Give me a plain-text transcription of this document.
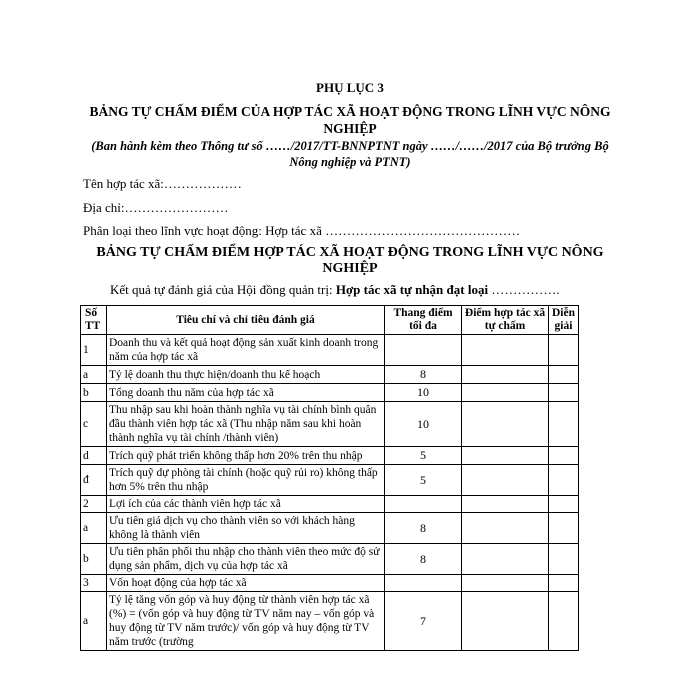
PHỤ LỤC 3
BẢNG TỰ CHẤM ĐIỂM CỦA HỢP TÁC XÃ HOẠT ĐỘNG TRONG LĨNH VỰC NÔNG NGHIỆP
(Ban hành kèm theo Thông tư số ……/2017/TT-BNNPTNT ngày ……/……/2017 của Bộ trưởng Bộ Nông nghiệp và PTNT)
Tên hợp tác xã:………………
Địa chỉ:……………………
Phân loại theo lĩnh vực hoạt động: Hợp tác xã ………………………………………
BẢNG TỰ CHẤM ĐIỂM HỢP TÁC XÃ HOẠT ĐỘNG TRONG LĨNH VỰC NÔNG NGHIỆP
Kết quả tự đánh giá của Hội đồng quản trị: Hợp tác xã tự nhận đạt loại …………….
Số TT	Tiêu chí và chỉ tiêu đánh giá	Thang điểm tối đa	Điểm hợp tác xã tự chấm	Diễn giải
1	Doanh thu và kết quả hoạt động sản xuất kinh doanh trong năm của hợp tác xã			
a	Tỷ lệ doanh thu thực hiện/doanh thu kế hoạch	8		
b	Tổng doanh thu năm của hợp tác xã	10		
c	Thu nhập sau khi hoàn thành nghĩa vụ tài chính bình quân đầu thành viên hợp tác xã (Thu nhập năm sau khi hoàn thành nghĩa vụ tài chính /thành viên)	10		
d	Trích quỹ phát triển không thấp hơn 20% trên thu nhập	5		
đ	Trích quỹ dự phòng tài chính (hoặc quỹ rủi ro) không thấp hơn 5% trên thu nhập	5		
2	Lợi ích của các thành viên hợp tác xã			
a	Ưu tiên giá dịch vụ cho thành viên so với khách hàng không là thành viên	8		
b	Ưu tiên phân phối thu nhập cho thành viên theo mức độ sử dụng sản phẩm, dịch vụ của hợp tác xã	8		
3	Vốn hoạt động của hợp tác xã			
a	Tỷ lệ tăng vốn góp và huy động từ thành viên hợp tác xã (%) = (vốn góp và huy động từ TV năm nay – vốn góp và huy động từ TV năm trước)/ vốn góp và huy động từ TV năm trước (trường	7		
